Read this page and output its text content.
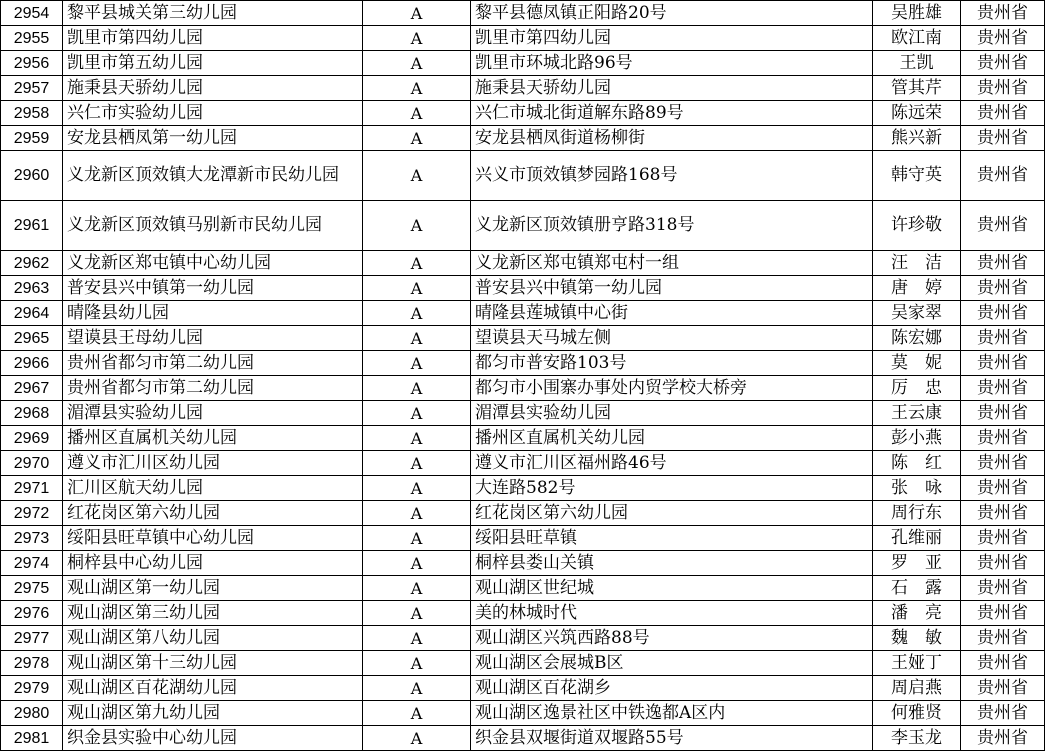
2954	黎平县城关第三幼儿园	A	黎平县德凤镇正阳路20号	吴胜雄	贵州省
2955	凯里市第四幼儿园	A	凯里市第四幼儿园	欧江南	贵州省
2956	凯里市第五幼儿园	A	凯里市环城北路96号	王凯	贵州省
2957	施秉县天骄幼儿园	A	施秉县天骄幼儿园	管其芹	贵州省
2958	兴仁市实验幼儿园	A	兴仁市城北街道解东路89号	陈远荣	贵州省
2959	安龙县栖凤第一幼儿园	A	安龙县栖凤街道杨柳街	熊兴新	贵州省
2960	义龙新区顶效镇大龙潭新市民幼儿园	A	兴义市顶效镇梦园路168号	韩守英	贵州省
2961	义龙新区顶效镇马别新市民幼儿园	A	义龙新区顶效镇册亨路318号	许珍敬	贵州省
2962	义龙新区郑屯镇中心幼儿园	A	义龙新区郑屯镇郑屯村一组	汪　洁	贵州省
2963	普安县兴中镇第一幼儿园	A	普安县兴中镇第一幼儿园	唐　婷	贵州省
2964	晴隆县幼儿园	A	晴隆县莲城镇中心街	吴家翠	贵州省
2965	望谟县王母幼儿园	A	望谟县天马城左侧	陈宏娜	贵州省
2966	贵州省都匀市第二幼儿园	A	都匀市普安路103号	莫　妮	贵州省
2967	贵州省都匀市第二幼儿园	A	都匀市小围寨办事处内贸学校大桥旁	厉　忠	贵州省
2968	湄潭县实验幼儿园	A	湄潭县实验幼儿园	王云康	贵州省
2969	播州区直属机关幼儿园	A	播州区直属机关幼儿园	彭小燕	贵州省
2970	遵义市汇川区幼儿园	A	遵义市汇川区福州路46号	陈　红	贵州省
2971	汇川区航天幼儿园	A	大连路582号	张　咏	贵州省
2972	红花岗区第六幼儿园	A	红花岗区第六幼儿园	周行东	贵州省
2973	绥阳县旺草镇中心幼儿园	A	绥阳县旺草镇	孔维丽	贵州省
2974	桐梓县中心幼儿园	A	桐梓县娄山关镇	罗　亚	贵州省
2975	观山湖区第一幼儿园	A	观山湖区世纪城	石　露	贵州省
2976	观山湖区第三幼儿园	A	美的林城时代	潘　亮	贵州省
2977	观山湖区第八幼儿园	A	观山湖区兴筑西路88号	魏　敏	贵州省
2978	观山湖区第十三幼儿园	A	观山湖区会展城B区	王娅丁	贵州省
2979	观山湖区百花湖幼儿园	A	观山湖区百花湖乡	周启燕	贵州省
2980	观山湖区第九幼儿园	A	观山湖区逸景社区中铁逸都A区内	何雅贤	贵州省
2981	织金县实验中心幼儿园	A	织金县双堰街道双堰路55号	李玉龙	贵州省
